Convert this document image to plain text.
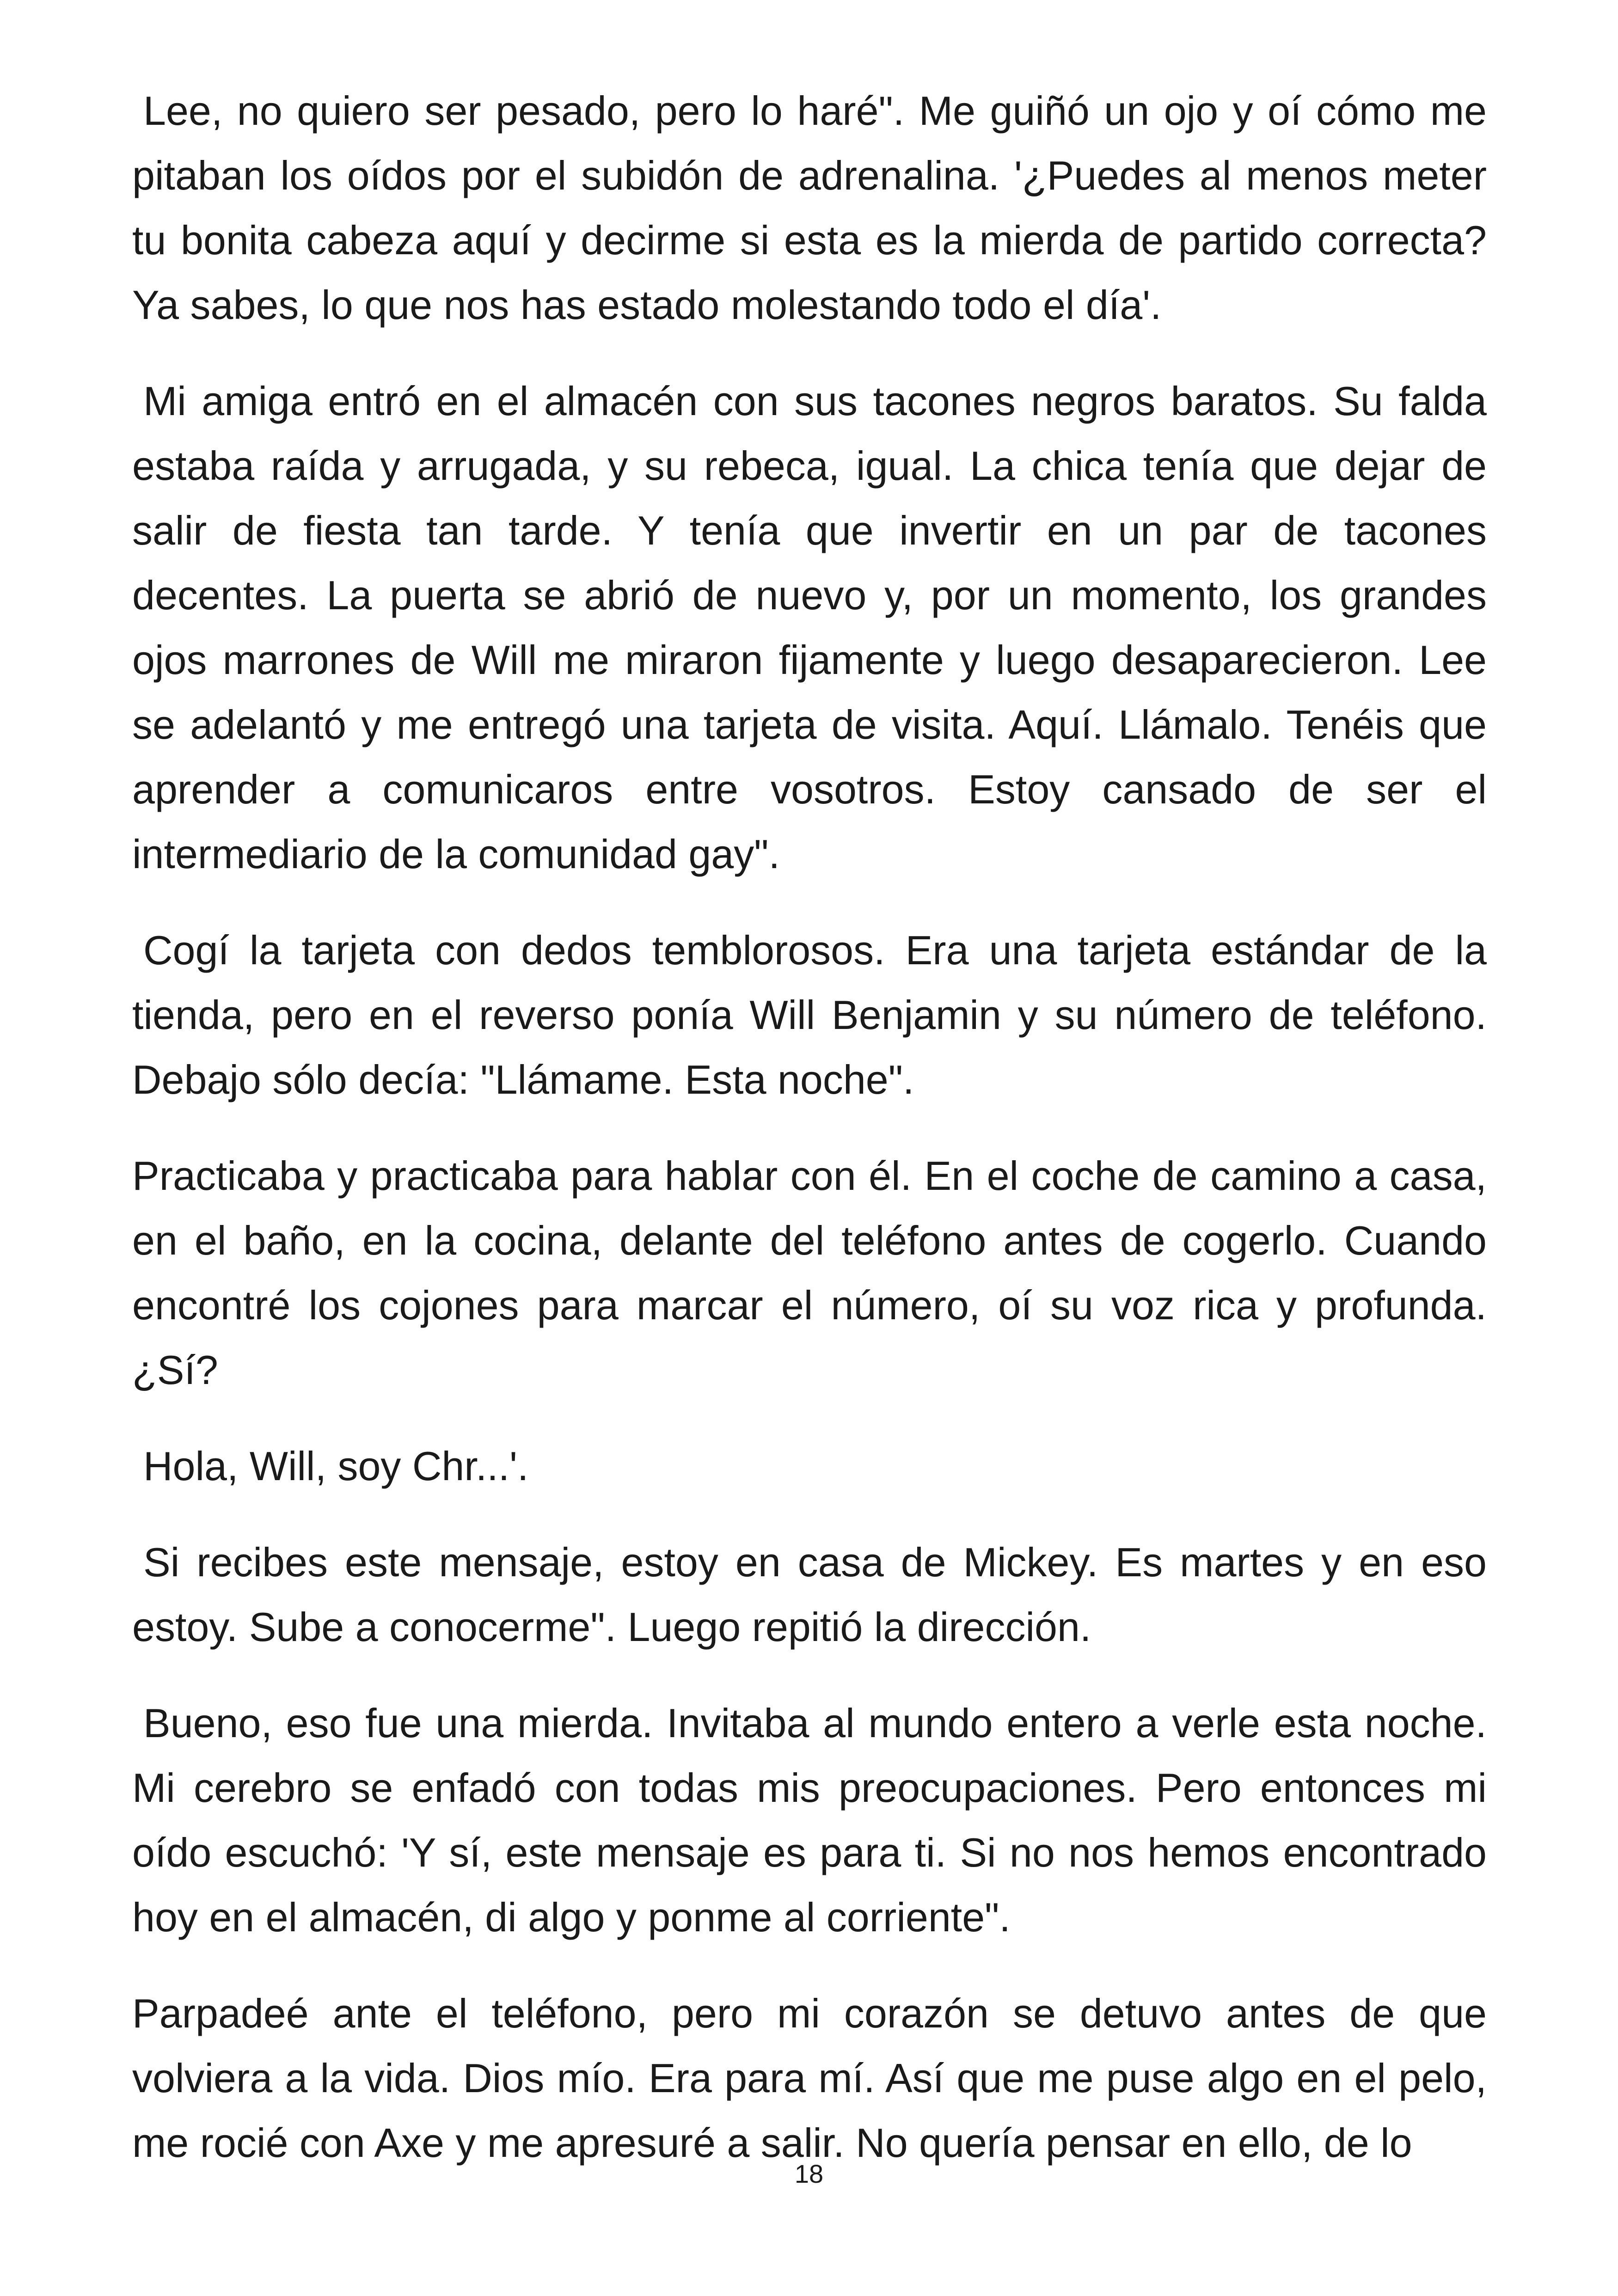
Lee, no quiero ser pesado, pero lo haré". Me guiñó un ojo y oí cómo me pitaban los oídos por el subidón de adrenalina. '¿Puedes al menos meter tu bonita cabeza aquí y decirme si esta es la mierda de partido correcta? Ya sabes, lo que nos has estado molestando todo el día'.

Mi amiga entró en el almacén con sus tacones negros baratos. Su falda estaba raída y arrugada, y su rebeca, igual. La chica tenía que dejar de salir de fiesta tan tarde. Y tenía que invertir en un par de tacones decentes. La puerta se abrió de nuevo y, por un momento, los grandes ojos marrones de Will me miraron fijamente y luego desaparecieron. Lee se adelantó y me entregó una tarjeta de visita. Aquí. Llámalo. Tenéis que aprender a comunicaros entre vosotros. Estoy cansado de ser el intermediario de la comunidad gay".

Cogí la tarjeta con dedos temblorosos. Era una tarjeta estándar de la tienda, pero en el reverso ponía Will Benjamin y su número de teléfono. Debajo sólo decía: "Llámame. Esta noche".

Practicaba y practicaba para hablar con él. En el coche de camino a casa, en el baño, en la cocina, delante del teléfono antes de cogerlo. Cuando encontré los cojones para marcar el número, oí su voz rica y profunda. ¿Sí?

Hola, Will, soy Chr...'.

Si recibes este mensaje, estoy en casa de Mickey. Es martes y en eso estoy. Sube a conocerme". Luego repitió la dirección.

Bueno, eso fue una mierda. Invitaba al mundo entero a verle esta noche. Mi cerebro se enfadó con todas mis preocupaciones. Pero entonces mi oído escuchó: 'Y sí, este mensaje es para ti. Si no nos hemos encontrado hoy en el almacén, di algo y ponme al corriente".

Parpadeé ante el teléfono, pero mi corazón se detuvo antes de que volviera a la vida. Dios mío. Era para mí. Así que me puse algo en el pelo, me rocié con Axe y me apresuré a salir. No quería pensar en ello, de lo

18
